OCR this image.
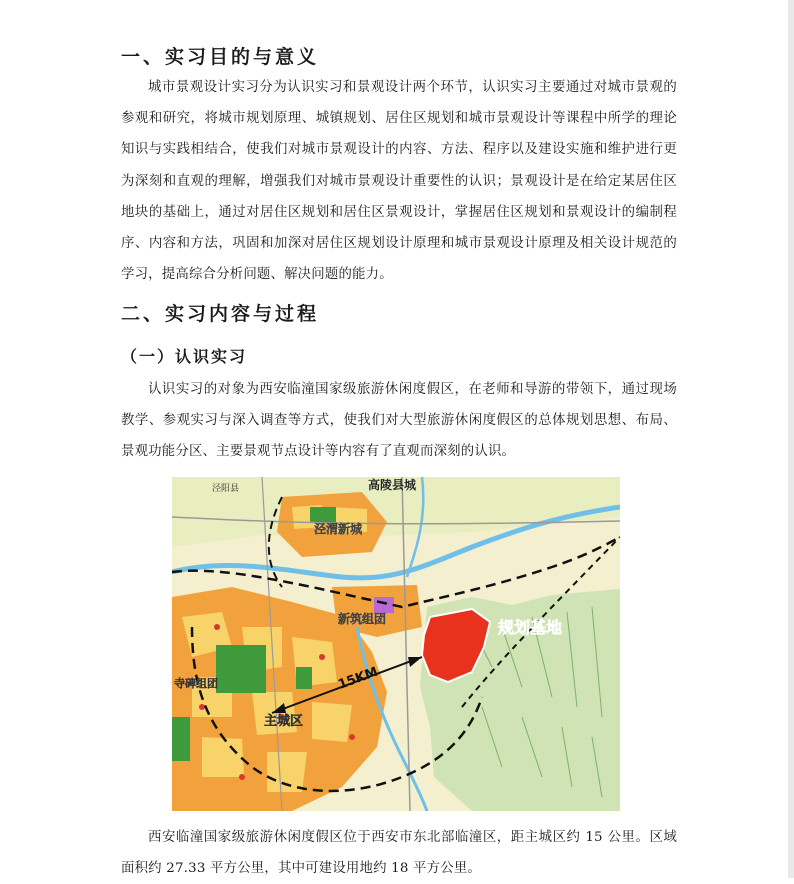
一、实习目的与意义

城市景观设计实习分为认识实习和景观设计两个环节，认识实习主要通过对城市景观的参观和研究，将城市规划原理、城镇规划、居住区规划和城市景观设计等课程中所学的理论知识与实践相结合，使我们对城市景观设计的内容、方法、程序以及建设实施和维护进行更为深刻和直观的理解，增强我们对城市景观设计重要性的认识；景观设计是在给定某居住区地块的基础上，通过对居住区规划和居住区景观设计，掌握居住区规划和景观设计的编制程序、内容和方法，巩固和加深对居住区规划设计原理和城市景观设计原理及相关设计规范的学习，提高综合分析问题、解决问题的能力。

二、实习内容与过程
（一）认识实习

认识实习的对象为西安临潼国家级旅游休闲度假区，在老师和导游的带领下，通过现场教学、参观实习与深入调查等方式，使我们对大型旅游休闲度假区的总体规划思想、布局、景观功能分区、主要景观节点设计等内容有了直观而深刻的认识。

高陵县城
泾阳县
泾渭新城
新筑组团	规划基地
15KM
主城区
寺碑组团

西安临潼国家级旅游休闲度假区位于西安市东北部临潼区，距主城区约 15 公里。区域面积约 27.33 平方公里，其中可建设用地约 18 平方公里。
